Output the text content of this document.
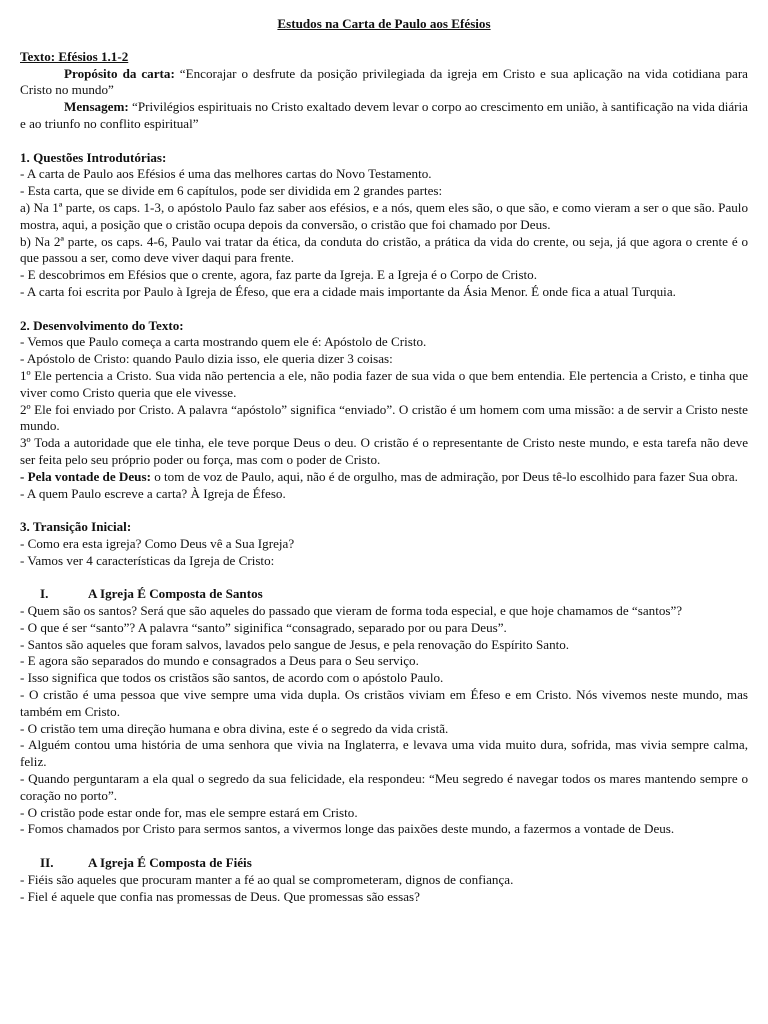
Estudos na Carta de Paulo aos Efésios

Texto: Efésios 1.1-2

Propósito da carta: “Encorajar o desfrute da posição privilegiada da igreja em Cristo e sua aplicação na vida cotidiana para Cristo no mundo”

Mensagem: “Privilégios espirituais no Cristo exaltado devem levar o corpo ao crescimento em união, à santificação na vida diária e ao triunfo no conflito espiritual”

1. Questões Introdutórias:

- A carta de Paulo aos Efésios é uma das melhores cartas do Novo Testamento.

- Esta carta, que se divide em 6 capítulos, pode ser dividida em 2 grandes partes:

a) Na 1ª parte, os caps. 1-3, o apóstolo Paulo faz saber aos efésios, e a nós, quem eles são, o que são, e como vieram a ser o que são. Paulo mostra, aqui, a posição que o cristão ocupa depois da conversão, o cristão que foi chamado por Deus.

b) Na 2ª parte, os caps. 4-6, Paulo vai tratar da ética, da conduta do cristão, a prática da vida do crente, ou seja, já que agora o crente é o que passou a ser, como deve viver daqui para frente.

- E descobrimos em Efésios que o crente, agora, faz parte da Igreja. E a Igreja é o Corpo de Cristo.

- A carta foi escrita por Paulo à Igreja de Éfeso, que era a cidade mais importante da Ásia Menor. É onde fica a atual Turquia.

2. Desenvolvimento do Texto:

- Vemos que Paulo começa a carta mostrando quem ele é: Apóstolo de Cristo.

- Apóstolo de Cristo: quando Paulo dizia isso, ele queria dizer 3 coisas:

1º Ele pertencia a Cristo. Sua vida não pertencia a ele, não podia fazer de sua vida o que bem entendia. Ele pertencia a Cristo, e tinha que viver como Cristo queria que ele vivesse.

2º Ele foi enviado por Cristo. A palavra “apóstolo” significa “enviado”. O cristão é um homem com uma missão: a de servir a Cristo neste mundo.

3º Toda a autoridade que ele tinha, ele teve porque Deus o deu. O cristão é o representante de Cristo neste mundo, e esta tarefa não deve ser feita pelo seu próprio poder ou força, mas com o poder de Cristo.

- Pela vontade de Deus: o tom de voz de Paulo, aqui, não é de orgulho, mas de admiração, por Deus tê-lo escolhido para fazer Sua obra.

- A quem Paulo escreve a carta? À Igreja de Éfeso.

3. Transição Inicial:

- Como era esta igreja? Como Deus vê a Sua Igreja?

- Vamos ver 4 características da Igreja de Cristo:

I.	A Igreja É Composta de Santos

- Quem são os santos? Será que são aqueles do passado que vieram de forma toda especial, e que hoje chamamos de “santos”?

- O que é ser “santo”? A palavra “santo” siginifica “consagrado, separado por ou para Deus”.

- Santos são aqueles que foram salvos, lavados pelo sangue de Jesus, e pela renovação do Espírito Santo.

- E agora são separados do mundo e consagrados a Deus para o Seu serviço.

- Isso significa que todos os cristãos são santos, de acordo com o apóstolo Paulo.

- O cristão é uma pessoa que vive sempre uma vida dupla. Os cristãos viviam em Éfeso e em Cristo. Nós vivemos neste mundo, mas também em Cristo.

- O cristão tem uma direção humana e obra divina, este é o segredo da vida cristã.

- Alguém contou uma história de uma senhora que vivia na Inglaterra, e levava uma vida muito dura, sofrida, mas vivia sempre calma, feliz.

- Quando perguntaram a ela qual o segredo da sua felicidade, ela respondeu: “Meu segredo é navegar todos os mares mantendo sempre o coração no porto”.

- O cristão pode estar onde for, mas ele sempre estará em Cristo.

- Fomos chamados por Cristo para sermos santos, a vivermos longe das paixões deste mundo, a fazermos a vontade de Deus.

II.	A Igreja É Composta de Fiéis

- Fiéis são aqueles que procuram manter a fé ao qual se comprometeram, dignos de confiança.

- Fiel é aquele que confia nas promessas de Deus. Que promessas são essas?
